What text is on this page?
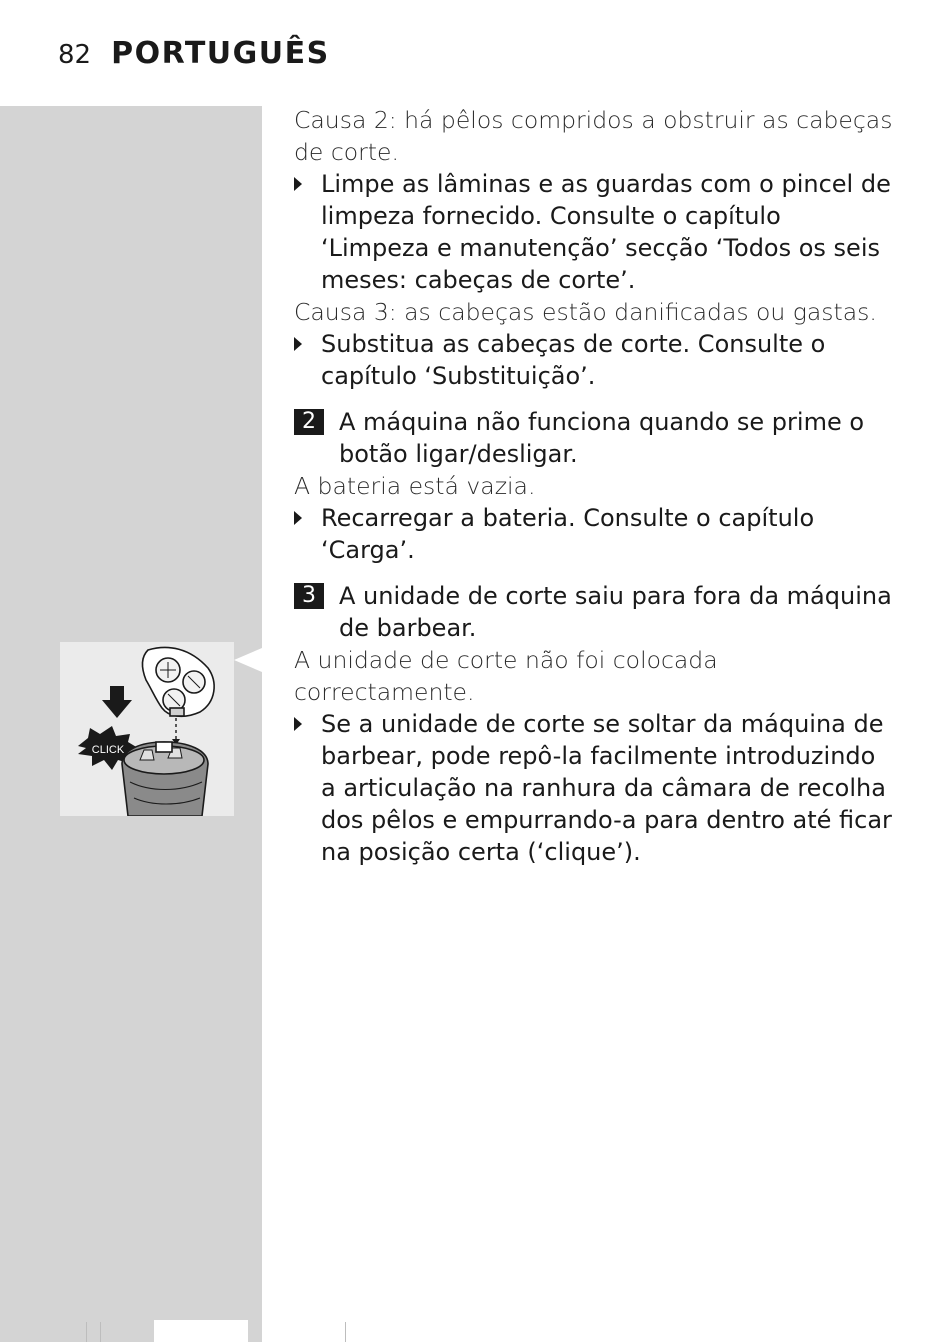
82 PORTUGUÊS
CLICK

Causa 2: há pêlos compridos a obstruir as cabeças de corte.

Limpe as lâminas e as guardas com o pincel de limpeza fornecido. Consulte o capítulo ‘Limpeza e manutenção’ secção ‘Todos os seis meses: cabeças de corte’.

Causa 3: as cabeças estão danificadas ou gastas.

Substitua as cabeças de corte. Consulte o capítulo ‘Substituição’.
2 A máquina não funciona quando se prime o botão ligar/desligar.

A bateria está vazia.

Recarregar a bateria. Consulte o capítulo ‘Carga’.
3 A unidade de corte saiu para fora da máquina de barbear.

A unidade de corte não foi colocada correctamente.

Se a unidade de corte se soltar da máquina de barbear, pode repô-la facilmente introduzindo a articulação na ranhura da câmara de recolha dos pêlos e empurrando-a para dentro até ficar na posição certa (‘clique’).
